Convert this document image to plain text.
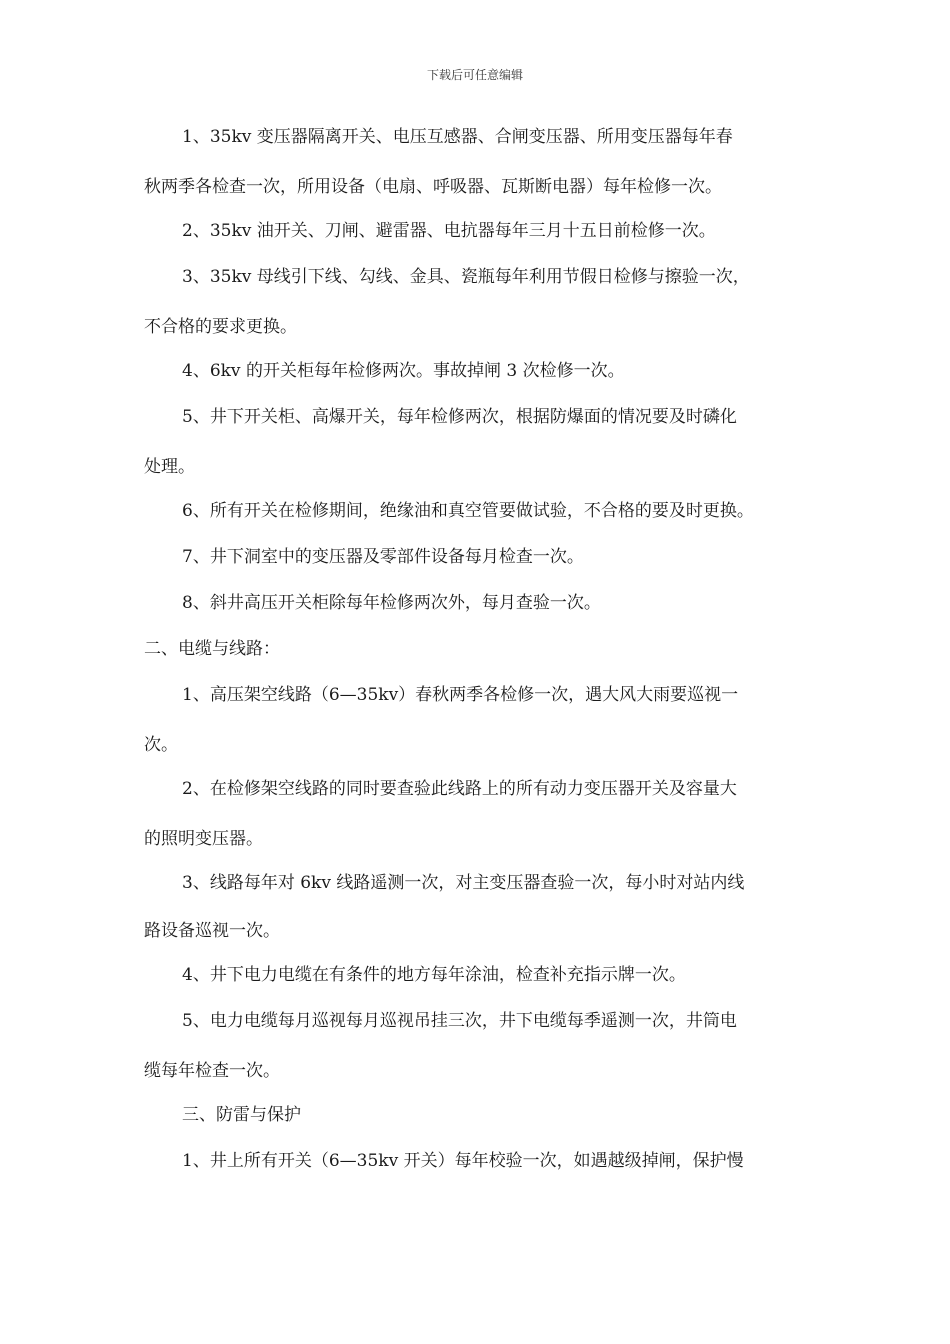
下载后可任意编辑
1、35kv 变压器隔离开关、电压互感器、合闸变压器、所用变压器每年春
秋两季各检查一次，所用设备（电扇、呼吸器、瓦斯断电器）每年检修一次。
2、35kv 油开关、刀闸、避雷器、电抗器每年三月十五日前检修一次。
3、35kv 母线引下线、勾线、金具、瓷瓶每年利用节假日检修与擦验一次，
不合格的要求更换。
4、6kv 的开关柜每年检修两次。事故掉闸 3 次检修一次。
5、井下开关柜、高爆开关，每年检修两次，根据防爆面的情况要及时磷化
处理。
6、所有开关在检修期间，绝缘油和真空管要做试验，不合格的要及时更换。
7、井下洞室中的变压器及零部件设备每月检查一次。
8、斜井高压开关柜除每年检修两次外，每月查验一次。
二、电缆与线路：
1、高压架空线路（6—35kv）春秋两季各检修一次，遇大风大雨要巡视一
次。
2、在检修架空线路的同时要查验此线路上的所有动力变压器开关及容量大
的照明变压器。
3、线路每年对 6kv 线路遥测一次，对主变压器查验一次，每小时对站内线
路设备巡视一次。
4、井下电力电缆在有条件的地方每年涂油，检查补充指示牌一次。
5、电力电缆每月巡视每月巡视吊挂三次，井下电缆每季遥测一次，井筒电
缆每年检查一次。
三、防雷与保护
1、井上所有开关（6—35kv 开关）每年校验一次，如遇越级掉闸，保护慢
